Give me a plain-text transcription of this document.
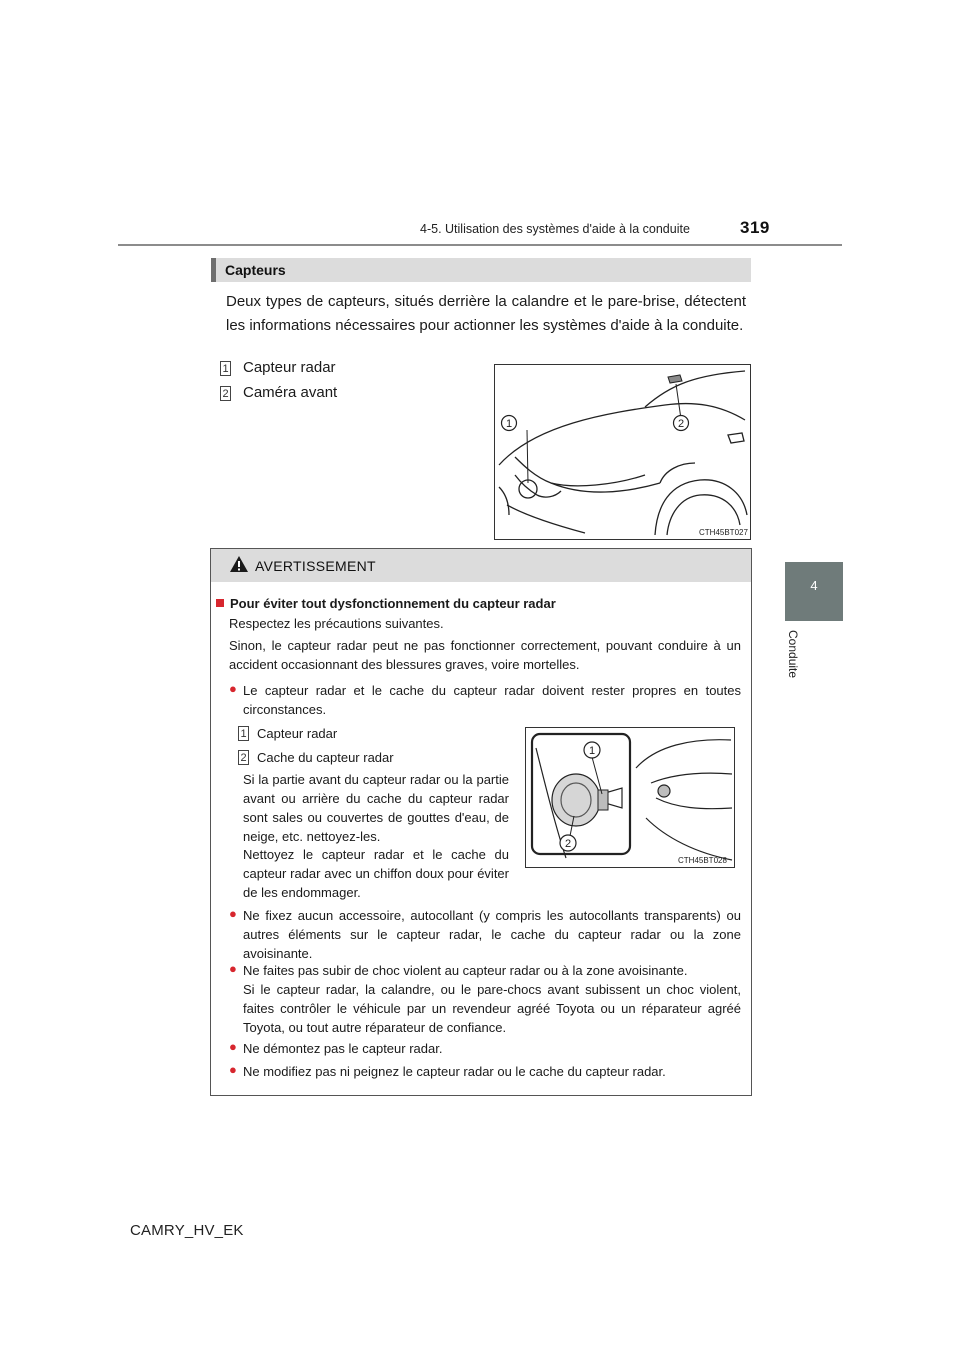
4-5. Utilisation des systèmes d'aide à la conduite	319
4
Conduite
Capteurs
Deux types de capteurs, situés derrière la calandre et le pare-brise, détectent les informations nécessaires pour actionner les systèmes d'aide à la conduite.
1 Capteur radar
2 Caméra avant
1	2
CTH45BT027
AVERTISSEMENT
Pour éviter tout dysfonctionnement du capteur radar
Respectez les précautions suivantes.
Sinon, le capteur radar peut ne pas fonctionner correctement, pouvant conduire à un accident occasionnant des blessures graves, voire mortelles.
● Le capteur radar et le cache du capteur radar doivent rester propres en toutes circonstances.
1 Capteur radar
2 Cache du capteur radar
Si la partie avant du capteur radar ou la partie avant ou arrière du cache du capteur radar sont sales ou couvertes de gouttes d'eau, de neige, etc. nettoyez-les.
Nettoyez le capteur radar et le cache du capteur radar avec un chiffon doux pour éviter de les endommager.
1
2
CTH45BT028
● Ne fixez aucun accessoire, autocollant (y compris les autocollants transparents) ou autres éléments sur le capteur radar, le cache du capteur radar ou la zone avoisinante.
● Ne faites pas subir de choc violent au capteur radar ou à la zone avoisinante.
Si le capteur radar, la calandre, ou le pare-chocs avant subissent un choc violent, faites contrôler le véhicule par un revendeur agréé Toyota ou un réparateur agréé Toyota, ou tout autre réparateur de confiance.
● Ne démontez pas le capteur radar.
● Ne modifiez pas ni peignez le capteur radar ou le cache du capteur radar.
CAMRY_HV_EK
